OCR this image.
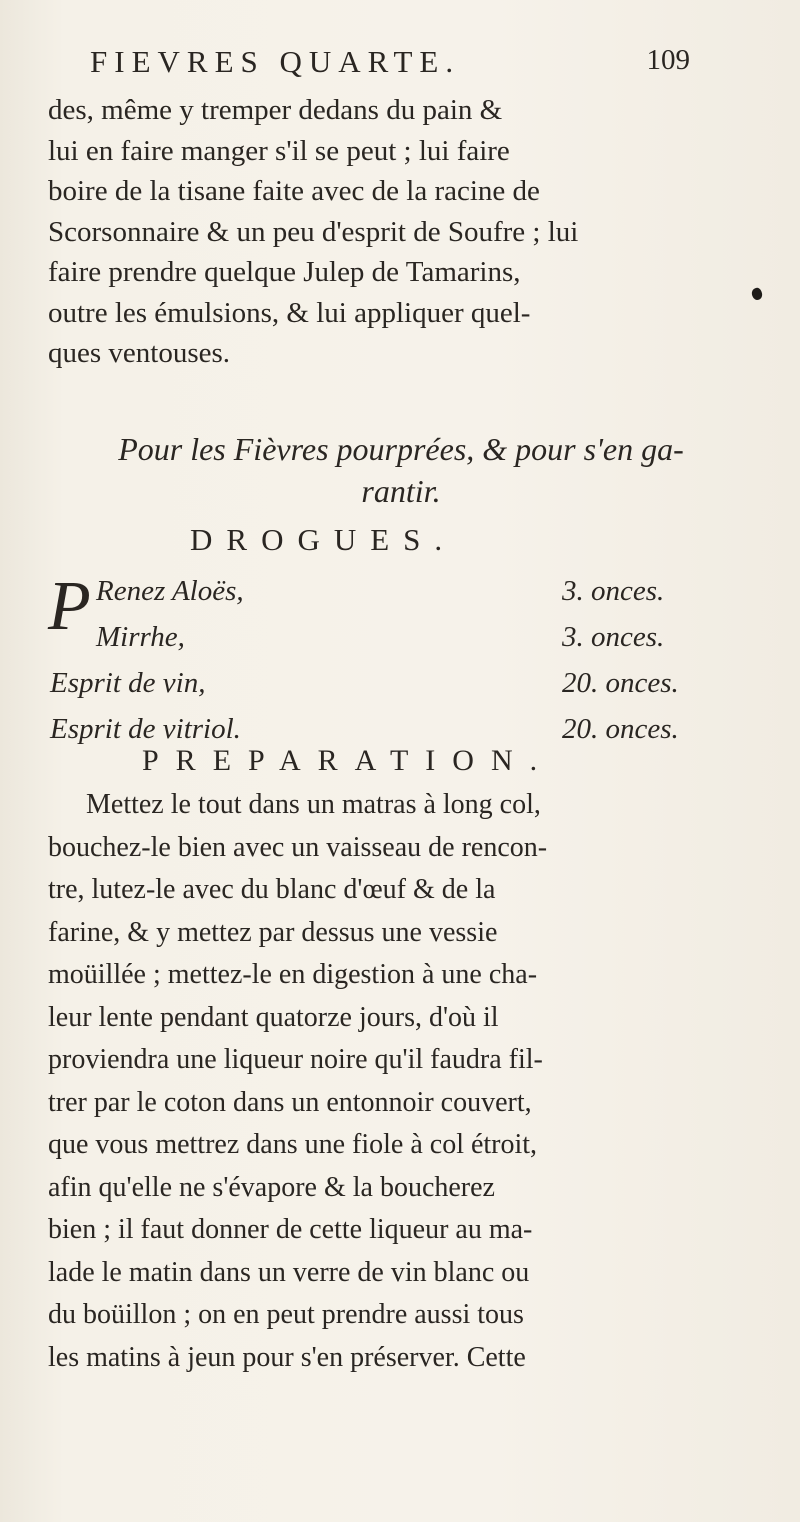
FIEVRES QUARTE.	109
des, même y tremper dedans du pain &
lui en faire manger s'il se peut ; lui faire
boire de la tisane faite avec de la racine de
Scorsonnaire & un peu d'esprit de Soufre ; lui
faire prendre quelque Julep de Tamarins,
outre les émulsions, & lui appliquer quel-
ques ventouses.
Pour les Fièvres pourprées, & pour s'en ga-
rantir.
DROGUES.
Renez Aloës,	3. onces.
Mirrhe,	3. onces.
Esprit de vin,	20. onces.
Esprit de vitriol.	20. onces.
P
PREPARATION.
Mettez le tout dans un matras à long col,
bouchez-le bien avec un vaisseau de rencon-
tre, lutez-le avec du blanc d'œuf & de la
farine, & y mettez par dessus une vessie
moüillée ; mettez-le en digestion à une cha-
leur lente pendant quatorze jours, d'où il
proviendra une liqueur noire qu'il faudra fil-
trer par le coton dans un entonnoir couvert,
que vous mettrez dans une fiole à col étroit,
afin qu'elle ne s'évapore & la boucherez
bien ; il faut donner de cette liqueur au ma-
lade le matin dans un verre de vin blanc ou
du boüillon ; on en peut prendre aussi tous
les matins à jeun pour s'en préserver. Cette
